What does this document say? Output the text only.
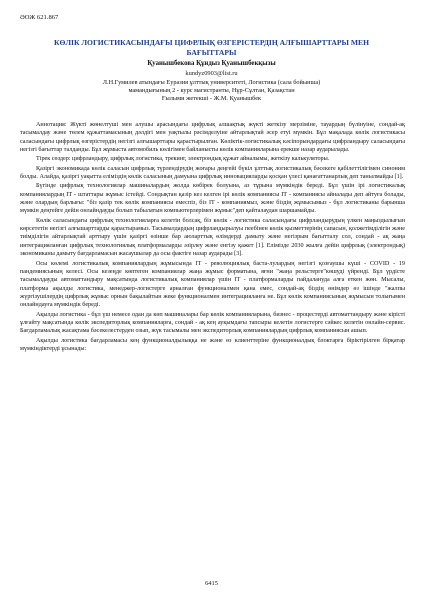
ӘОЖ 621.867
КӨЛІК ЛОГИСТИКАСЫНДАҒЫ ЦИФРЛЫҚ ӨЗГЕРІСТЕРДІҢ АЛҒЫШАРТТАРЫ МЕН БАҒЫТТАРЫ
Қуанышбекова Құндыз Қуанышбекқызы
kundyz0903@list.ru
Л.Н.Гумилев атындағы Еуразия ұлттық университеті, Логистика (сала бойынша)
мамандығының 2 - курс магистранты, Нұр-Сұлтан, Қазақстан
Ғылыми жетекші - Ж.М. Қуанышбек

Аннотация: Жүкті жөнелтуші мен алушы арасындағы цифрлық алшақтық жүкті жеткізу мерзіміне, тауардың бүлінуіне, сондай-ақ тасымалдау және төлем құжаттамасының дәлдігі мен уақтылы рәсімделуіне айтарлықтай әсер етуі мүмкін. Бұл мақалада көлік логистикасы саласындағы цифрлық өзгерістердің негізгі алғышарттары қарастырылған. Көліктік-логистикалық кәсіпорындардағы цифрландыру саласындағы негізгі бағыттар талданды. Бұл жұмыста автомобиль көлігімен байланысты көлік компанияларына ерекше назар аударылады.

Тірек сөздер: цифрландыру, цифрлық логистика, трекинг, электрондық құжат айналымы, жеткізу калькуляторы.

Қазіргі экономикада көлік саласын цифрлық түрлендірудің жоғары деңгейі бүкіл ұлттық логистикалық бәсекеге қабілеттілігімен синоним болды. Алайда, қазіргі уақытта еліміздің көлік саласының дамуына цифрлық инновацияларды қосқан үлесі қанағаттанарлық деп танылмайды [1].

Бүгінде цифрлық технологиялар машиналардың жолда көбірек болуына, аз тұрына мүмкіндік береді. Бұл үшін ірі логистикалық компаниялардың IT - штаттары жұмыс істейді. Сондықтан қазір кез келген ірі көлік компаниясы IT - компаниясы айналады деп айтуға болады, және олардың барлығы: "біз қазір тек көлік компаниясы емеспіз, біз IT - компаниямыз, және біздің жұмысымыз - бұл логистиканы барынша мүмкін деңгейге дейін онлайндауды болып табылатын компьютерлерімен жұмыс"деп қайталаудан шаршамайды.

Көлік саласындағы цифрлық технологияларға келетін болсақ, біз көлік - логистика саласындағы цифрландырудың үлкен маңыздылығын көрсететін негізгі алғышарттарды қарастырамыз. Тасымалдардың цифрландырылуы пеебінен көлік қызметтерінің сапасын, қолжетімділігін және тиімділігін айтарлықтай арттыру үшін қазіргі өзінше бар аюларттық өлімдерді дамыту және негізрым бағытталу сол, сондай - ақ жаңа интеграцияланған цифрлық технологиялық платформаларды әзірлеу және енгізу қажет [1]. Елімізде 2030 жылға дейін цифрлық (электрондық) экономиканы дамыту бағдарламасын жасаушылар да осы фактіге назар аударады [3].

Осы көлемі логистикалық компаниялардың жұмысында IT - революциялық баста-лулардың негізгі қозғаушы күші - COVID - 19 пандемиясының келесі. Осы кезеңде көптеген компаниялар жаңа жұмыс форматына, яғни "жаңа рельстерге"көшуді үйренді. Бұл үрдісте тасымалдауды автоматтандыру мақсатында логистикалық компаниялар үшін IT - платформаларды пайдалануда алға еткен жөн. Мысалы, платформа ақылды логистика, менеджер-логистерге арналған функционалмен қана емес, сондай-ақ біздің өнімдер өз ішінде "жалпы жүргізушілердің цифрлық жұмыс орнын бақылайтын жеке функционалмен интеграцияланға не. Бұл көлік компаниясының жұмысын толығымен онлайндауға мүмкіндік береді.

Ақылды логистика - бұл үш немесе одан да көп машиналары бар көлік компанияларына, бизнес - процестерді автоматтандыру және кірісті ұлғайту мақсатында көлік экспедиторлық компанияларға, сондай - ақ кең ауқымдағы тапсыры келетін логистерге сәйкес келетін онлайн-сервис. Бағдарламалық жасақтама бәсекелестерден озып, жүк тасымалы мен экспедиторлық компаниялардың цифрлық компаниясын ашып.

Ақылды логистика бағдарламасы кең функционалдылыққа не және өз клиенттеріне функционалдық блоктарға біріктірілген бірқатар мүмкіндіктерді ұсынады:

6415
